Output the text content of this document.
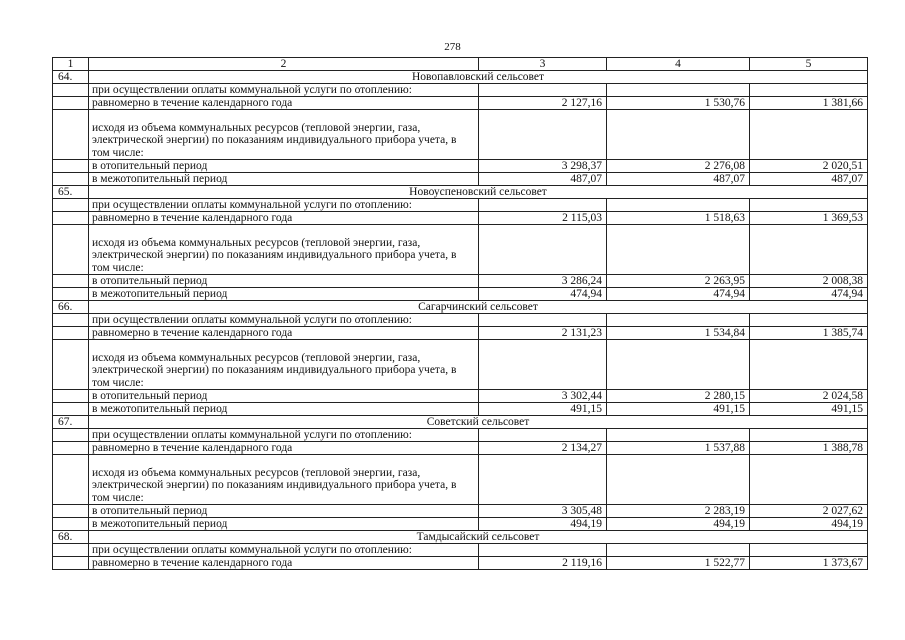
278
1	2	3	4	5
64.	Новопавловский сельсовет			
	при осуществлении оплаты коммунальной услуги по отоплению:			
	равномерно в течение календарного года	2 127,16	1 530,76	1 381,66
	исходя из объема коммунальных ресурсов (тепловой энергии, газа, электрической энергии) по показаниям индивидуального прибора учета, в том числе:			
	в отопительный период	3 298,37	2 276,08	2 020,51
	в межотопительный период	487,07	487,07	487,07
65.	Новоуспеновский сельсовет			
	при осуществлении оплаты коммунальной услуги по отоплению:			
	равномерно в течение календарного года	2 115,03	1 518,63	1 369,53
	исходя из объема коммунальных ресурсов (тепловой энергии, газа, электрической энергии) по показаниям индивидуального прибора учета, в том числе:			
	в отопительный период	3 286,24	2 263,95	2 008,38
	в межотопительный период	474,94	474,94	474,94
66.	Сагарчинский сельсовет			
	при осуществлении оплаты коммунальной услуги по отоплению:			
	равномерно в течение календарного года	2 131,23	1 534,84	1 385,74
	исходя из объема коммунальных ресурсов (тепловой энергии, газа, электрической энергии) по показаниям индивидуального прибора учета, в том числе:			
	в отопительный период	3 302,44	2 280,15	2 024,58
	в межотопительный период	491,15	491,15	491,15
67.	Советский сельсовет			
	при осуществлении оплаты коммунальной услуги по отоплению:			
	равномерно в течение календарного года	2 134,27	1 537,88	1 388,78
	исходя из объема коммунальных ресурсов (тепловой энергии, газа, электрической энергии) по показаниям индивидуального прибора учета, в том числе:			
	в отопительный период	3 305,48	2 283,19	2 027,62
	в межотопительный период	494,19	494,19	494,19
68.	Тамдысайский сельсовет			
	при осуществлении оплаты коммунальной услуги по отоплению:			
	равномерно в течение календарного года	2 119,16	1 522,77	1 373,67
